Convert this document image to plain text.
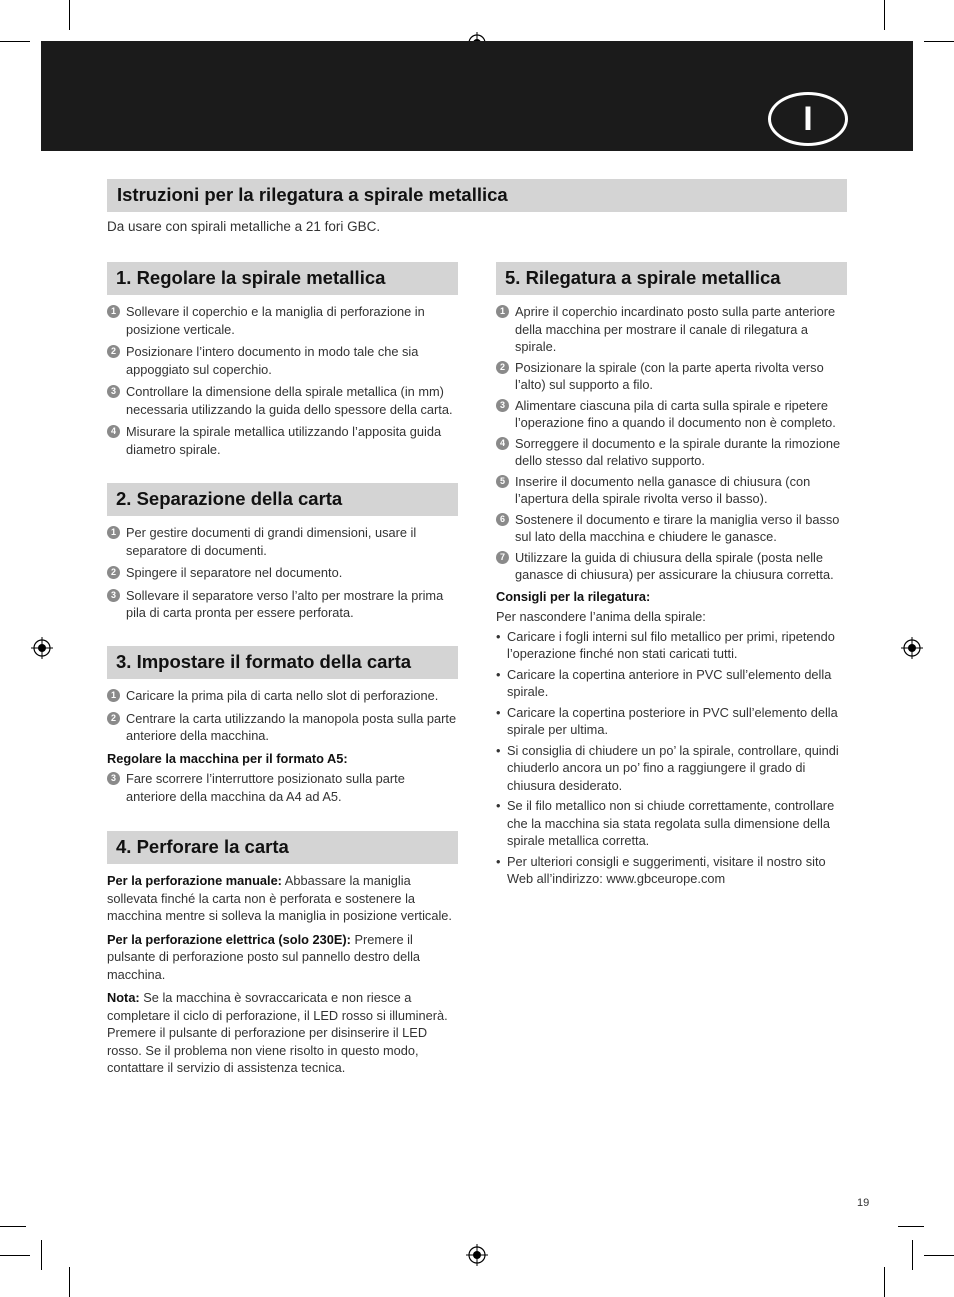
I
Istruzioni per la rilegatura a spirale metallica
Da usare con spirali metalliche a 21 fori GBC.
1. Regolare la spirale metallica
1 Sollevare il coperchio e la maniglia di perforazione in posizione verticale.
2 Posizionare l’intero documento in modo tale che sia appoggiato sul coperchio.
3 Controllare la dimensione della spirale metallica (in mm) necessaria utilizzando la guida dello spessore della carta.
4 Misurare la spirale metallica utilizzando l’apposita guida diametro spirale.
2. Separazione della carta
1 Per gestire documenti di grandi dimensioni, usare il separatore di documenti.
2 Spingere il separatore nel documento.
3 Sollevare il separatore verso l’alto per mostrare la prima pila di carta pronta per essere perforata.
3. Impostare il formato della carta
1 Caricare la prima pila di carta nello slot di perforazione.
2 Centrare la carta utilizzando la manopola posta sulla parte anteriore della macchina.
Regolare la macchina per il formato A5:
3 Fare scorrere l’interruttore posizionato sulla parte anteriore della macchina da A4 ad A5.
4. Perforare la carta

Per la perforazione manuale: Abbassare la maniglia sollevata finché la carta non è perforata e sostenere la macchina mentre si solleva la maniglia in posizione verticale.

Per la perforazione elettrica (solo 230E): Premere il pulsante di perforazione posto sul pannello destro della macchina.

Nota: Se la macchina è sovraccaricata e non riesce a completare il ciclo di perforazione, il LED rosso si illuminerà. Premere il pulsante di perforazione per disinserire il LED rosso. Se il problema non viene risolto in questo modo, contattare il servizio di assistenza tecnica.

5. Rilegatura a spirale metallica
1 Aprire il coperchio incardinato posto sulla parte anteriore della macchina per mostrare il canale di rilegatura a spirale.
2 Posizionare la spirale (con la parte aperta rivolta verso l’alto) sul supporto a filo.
3 Alimentare ciascuna pila di carta sulla spirale e ripetere l’operazione fino a quando il documento non è completo.
4 Sorreggere il documento e la spirale durante la rimozione dello stesso dal relativo supporto.
5 Inserire il documento nella ganasce di chiusura (con l’apertura della spirale rivolta verso il basso).
6 Sostenere il documento e tirare la maniglia verso il basso sul lato della macchina e chiudere le ganasce.
7 Utilizzare la guida di chiusura della spirale (posta nelle ganasce di chiusura) per assicurare la chiusura corretta.
Consigli per la rilegatura:
Per nascondere l’anima della spirale:
• Caricare i fogli interni sul filo metallico per primi, ripetendo l’operazione finché non stati caricati tutti.
• Caricare la copertina anteriore in PVC sull’elemento della spirale.
• Caricare la copertina posteriore in PVC sull’elemento della spirale per ultima.
• Si consiglia di chiudere un po’ la spirale, controllare, quindi chiuderlo ancora un po’ fino a raggiungere il grado di chiusura desiderato.
• Se il filo metallico non si chiude correttamente, controllare che la macchina sia stata regolata sulla dimensione della spirale metallica corretta.
• Per ulteriori consigli e suggerimenti, visitare il nostro sito Web all’indirizzo: www.gbceurope.com
19
